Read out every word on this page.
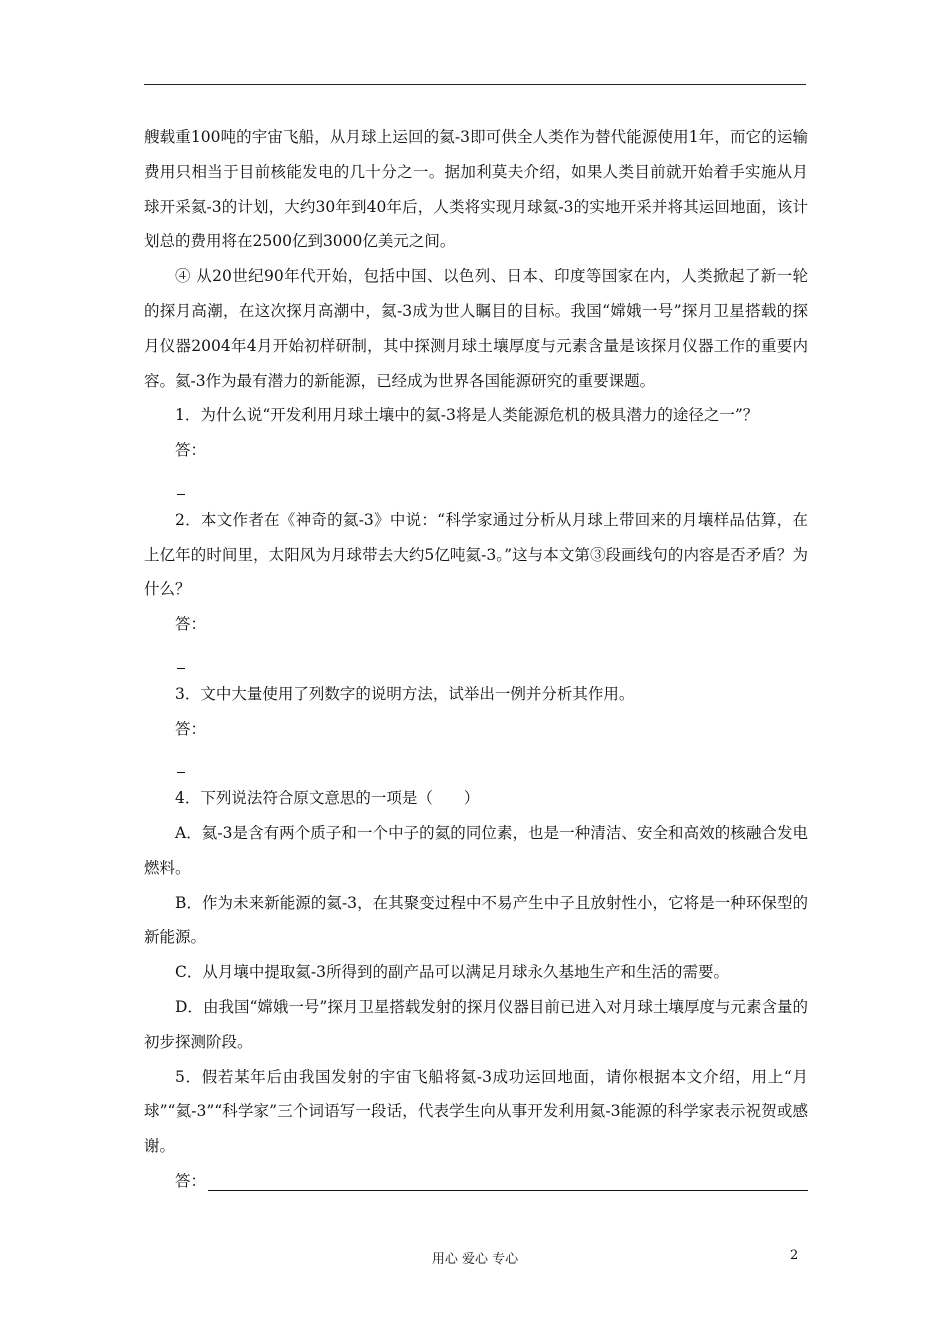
艘载重100吨的宇宙飞船，从月球上运回的氦-3即可供全人类作为替代能源使用1年，而它的运输费用只相当于目前核能发电的几十分之一。据加利莫夫介绍，如果人类目前就开始着手实施从月球开采氦-3的计划，大约30年到40年后，人类将实现月球氦-3的实地开采并将其运回地面，该计划总的费用将在2500亿到3000亿美元之间。

④ 从20世纪90年代开始，包括中国、以色列、日本、印度等国家在内，人类掀起了新一轮的探月高潮，在这次探月高潮中，氦-3成为世人瞩目的目标。我国“嫦娥一号”探月卫星搭载的探月仪器2004年4月开始初样研制，其中探测月球土壤厚度与元素含量是该探月仪器工作的重要内容。氦-3作为最有潜力的新能源，已经成为世界各国能源研究的重要课题。

1．为什么说“开发利用月球土壤中的氦-3将是人类能源危机的极具潜力的途径之一”？

答：

2．本文作者在《神奇的氦-3》中说：“科学家通过分析从月球上带回来的月壤样品估算，在上亿年的时间里，太阳风为月球带去大约5亿吨氦-3。”这与本文第③段画线句的内容是否矛盾？为什么？

答：

3．文中大量使用了列数字的说明方法，试举出一例并分析其作用。

答：

4．下列说法符合原文意思的一项是（　　）

A．氦-3是含有两个质子和一个中子的氦的同位素，也是一种清洁、安全和高效的核融合发电燃料。

B．作为未来新能源的氦-3，在其聚变过程中不易产生中子且放射性小，它将是一种环保型的新能源。

C．从月壤中提取氦-3所得到的副产品可以满足月球永久基地生产和生活的需要。

D．由我国“嫦娥一号”探月卫星搭载发射的探月仪器目前已进入对月球土壤厚度与元素含量的初步探测阶段。

5．假若某年后由我国发射的宇宙飞船将氦-3成功运回地面，请你根据本文介绍，用上“月球”“氦-3”“科学家”三个词语写一段话，代表学生向从事开发利用氦-3能源的科学家表示祝贺或感谢。

答：

用心 爱心 专心	2
